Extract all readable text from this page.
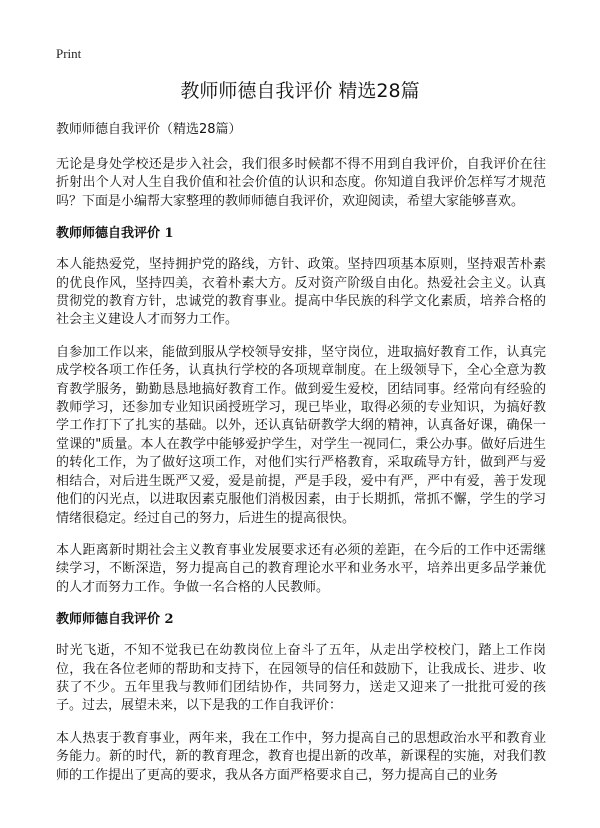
Print
教师师德自我评价 精选28篇

教师师德自我评价（精选28篇）

无论是身处学校还是步入社会，我们很多时候都不得不用到自我评价，自我评价在往折射出个人对人生自我价值和社会价值的认识和态度。你知道自我评价怎样写才规范吗？下面是小编帮大家整理的教师师德自我评价，欢迎阅读，希望大家能够喜欢。

教师师德自我评价 1

本人能热爱党，坚持拥护党的路线，方针、政策。坚持四项基本原则，坚持艰苦朴素的优良作风，坚持四美，衣着朴素大方。反对资产阶级自由化。热爱社会主义。认真贯彻党的教育方针，忠诚党的教育事业。提高中华民族的科学文化素质，培养合格的社会主义建设人才而努力工作。

自参加工作以来，能做到服从学校领导安排，坚守岗位，进取搞好教育工作，认真完成学校各项工作任务，认真执行学校的各项规章制度。在上级领导下，全心全意为教育教学服务，勤勤恳恳地搞好教育工作。做到爱生爱校，团结同事。经常向有经验的教师学习，还参加专业知识函授班学习，现已毕业，取得必须的专业知识，为搞好教学工作打下了扎实的基础。以外，还认真钻研教学大纲的精神，认真备好课，确保一堂课的"质量。本人在教学中能够爱护学生，对学生一视同仁，秉公办事。做好后进生的转化工作，为了做好这项工作，对他们实行严格教育，采取疏导方针，做到严与爱相结合，对后进生既严又爱，爱是前提，严是手段，爱中有严，严中有爱，善于发现他们的闪光点，以进取因素克服他们消极因素，由于长期抓，常抓不懈，学生的学习情绪很稳定。经过自己的努力，后进生的提高很快。

本人距离新时期社会主义教育事业发展要求还有必须的差距，在今后的工作中还需继续学习，不断深造，努力提高自己的教育理论水平和业务水平，培养出更多品学兼优的人才而努力工作。争做一名合格的人民教师。

教师师德自我评价 2

时光飞逝，不知不觉我已在幼教岗位上奋斗了五年，从走出学校校门，踏上工作岗位，我在各位老师的帮助和支持下，在园领导的信任和鼓励下，让我成长、进步、收获了不少。五年里我与教师们团结协作，共同努力，送走又迎来了一批批可爱的孩子。过去，展望未来，以下是我的工作自我评价：

本人热衷于教育事业，两年来，我在工作中，努力提高自己的思想政治水平和教育业务能力。新的时代，新的教育理念，教育也提出新的改革，新课程的实施，对我们教师的工作提出了更高的要求，我从各方面严格要求自己，努力提高自己的业务
